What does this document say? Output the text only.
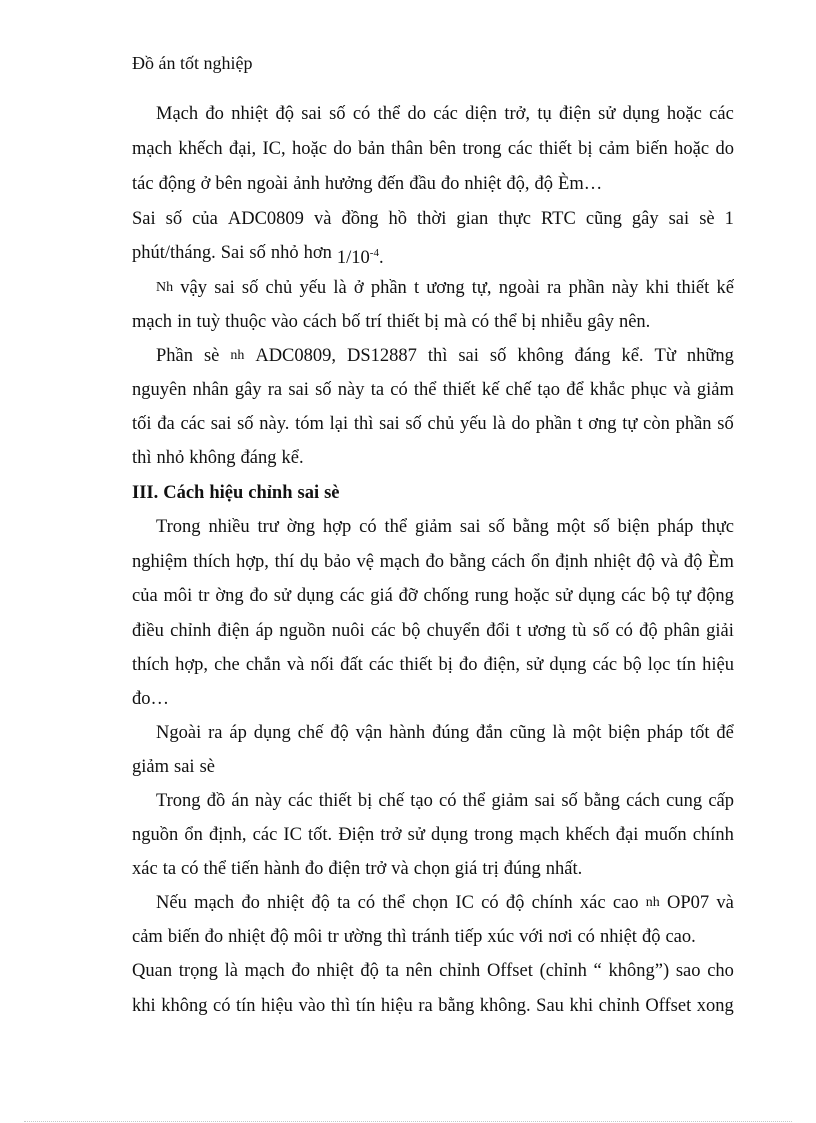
Đồ án tốt nghiệp
Mạch đo nhiệt độ sai số có thể do các diện trở, tụ điện sử dụng hoặc các
mạch khếch đại, IC, hoặc do bản thân bên trong các thiết bị cảm biến hoặc do
tác động ở bên ngoài ảnh hưởng đến đầu đo nhiệt độ, độ Èm…
Sai số của ADC0809 và đồng hồ thời gian thực RTC cũng gây sai sè 1
phút/tháng. Sai số nhỏ hơn $1/10^{-4}$.
Nh vậy sai số chủ yếu là ở phần t ương tự, ngoài ra phần này khi thiết kế
mạch in tuỳ thuộc vào cách bố trí thiết bị mà có thể bị nhiễu gây nên.
Phần sè nh ADC0809, DS12887 thì sai số không đáng kể. Từ những
nguyên nhân gây ra sai số này ta có thể thiết kế chế tạo để khắc phục và giảm
tối đa các sai số này. tóm lại thì sai số chủ yếu là do phần t ơng tự còn phần số
thì nhỏ không đáng kể.
III. Cách hiệu chỉnh sai sè
Trong nhiều trư ờng hợp có thể giảm sai số bằng một số biện pháp thực
nghiệm thích hợp, thí dụ bảo vệ mạch đo bằng cách ổn định nhiệt độ và độ Èm
của môi tr ờng đo sử dụng các giá đỡ chống rung hoặc sử dụng các bộ tự động
điều chỉnh điện áp nguồn nuôi các bộ chuyển đổi t ương tù số có độ phân giải
thích hợp, che chắn và nối đất các thiết bị đo điện, sử dụng các bộ lọc tín hiệu
đo…
Ngoài ra áp dụng chế độ vận hành đúng đắn cũng là một biện pháp tốt để
giảm sai sè
Trong đồ án này các thiết bị chế tạo có thể giảm sai số bằng cách cung cấp
nguồn ổn định, các IC tốt. Điện trở sử dụng trong mạch khếch đại muốn chính
xác ta có thể tiến hành đo điện trở và chọn giá trị đúng nhất.
Nếu mạch đo nhiệt độ ta có thể chọn IC có độ chính xác cao nh OP07 và
cảm biến đo nhiệt độ môi tr ường thì tránh tiếp xúc với nơi có nhiệt độ cao.
Quan trọng là mạch đo nhiệt độ ta nên chỉnh Offset (chỉnh “ không”) sao cho
khi không có tín hiệu vào thì tín hiệu ra bằng không. Sau khi chỉnh Offset xong
